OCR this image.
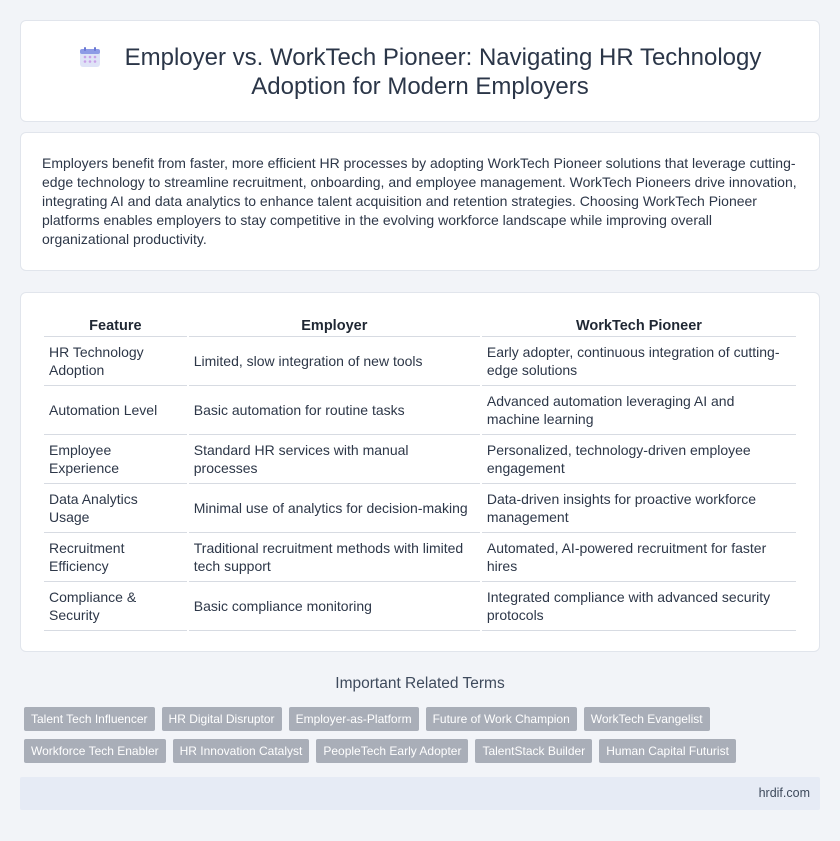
Employer vs. WorkTech Pioneer: Navigating HR Technology
Adoption for Modern Employers

Employers benefit from faster, more efficient HR processes by adopting WorkTech Pioneer solutions that leverage cutting-edge technology to streamline recruitment, onboarding, and employee management. WorkTech Pioneers drive innovation, integrating AI and data analytics to enhance talent acquisition and retention strategies. Choosing WorkTech Pioneer platforms enables employers to stay competitive in the evolving workforce landscape while improving overall organizational productivity.

Feature	Employer	WorkTech Pioneer
HR Technology Adoption	Limited, slow integration of new tools	Early adopter, continuous integration of cutting-edge solutions
Automation Level	Basic automation for routine tasks	Advanced automation leveraging AI and machine learning
Employee Experience	Standard HR services with manual processes	Personalized, technology-driven employee engagement
Data Analytics Usage	Minimal use of analytics for decision-making	Data-driven insights for proactive workforce management
Recruitment Efficiency	Traditional recruitment methods with limited tech support	Automated, AI-powered recruitment for faster hires
Compliance & Security	Basic compliance monitoring	Integrated compliance with advanced security protocols
Important Related Terms
Talent Tech Influencer	HR Digital Disruptor	Employer-as-Platform	Future of Work Champion	WorkTech Evangelist
Workforce Tech Enabler	HR Innovation Catalyst	PeopleTech Early Adopter	TalentStack Builder	Human Capital Futurist
hrdif.com
